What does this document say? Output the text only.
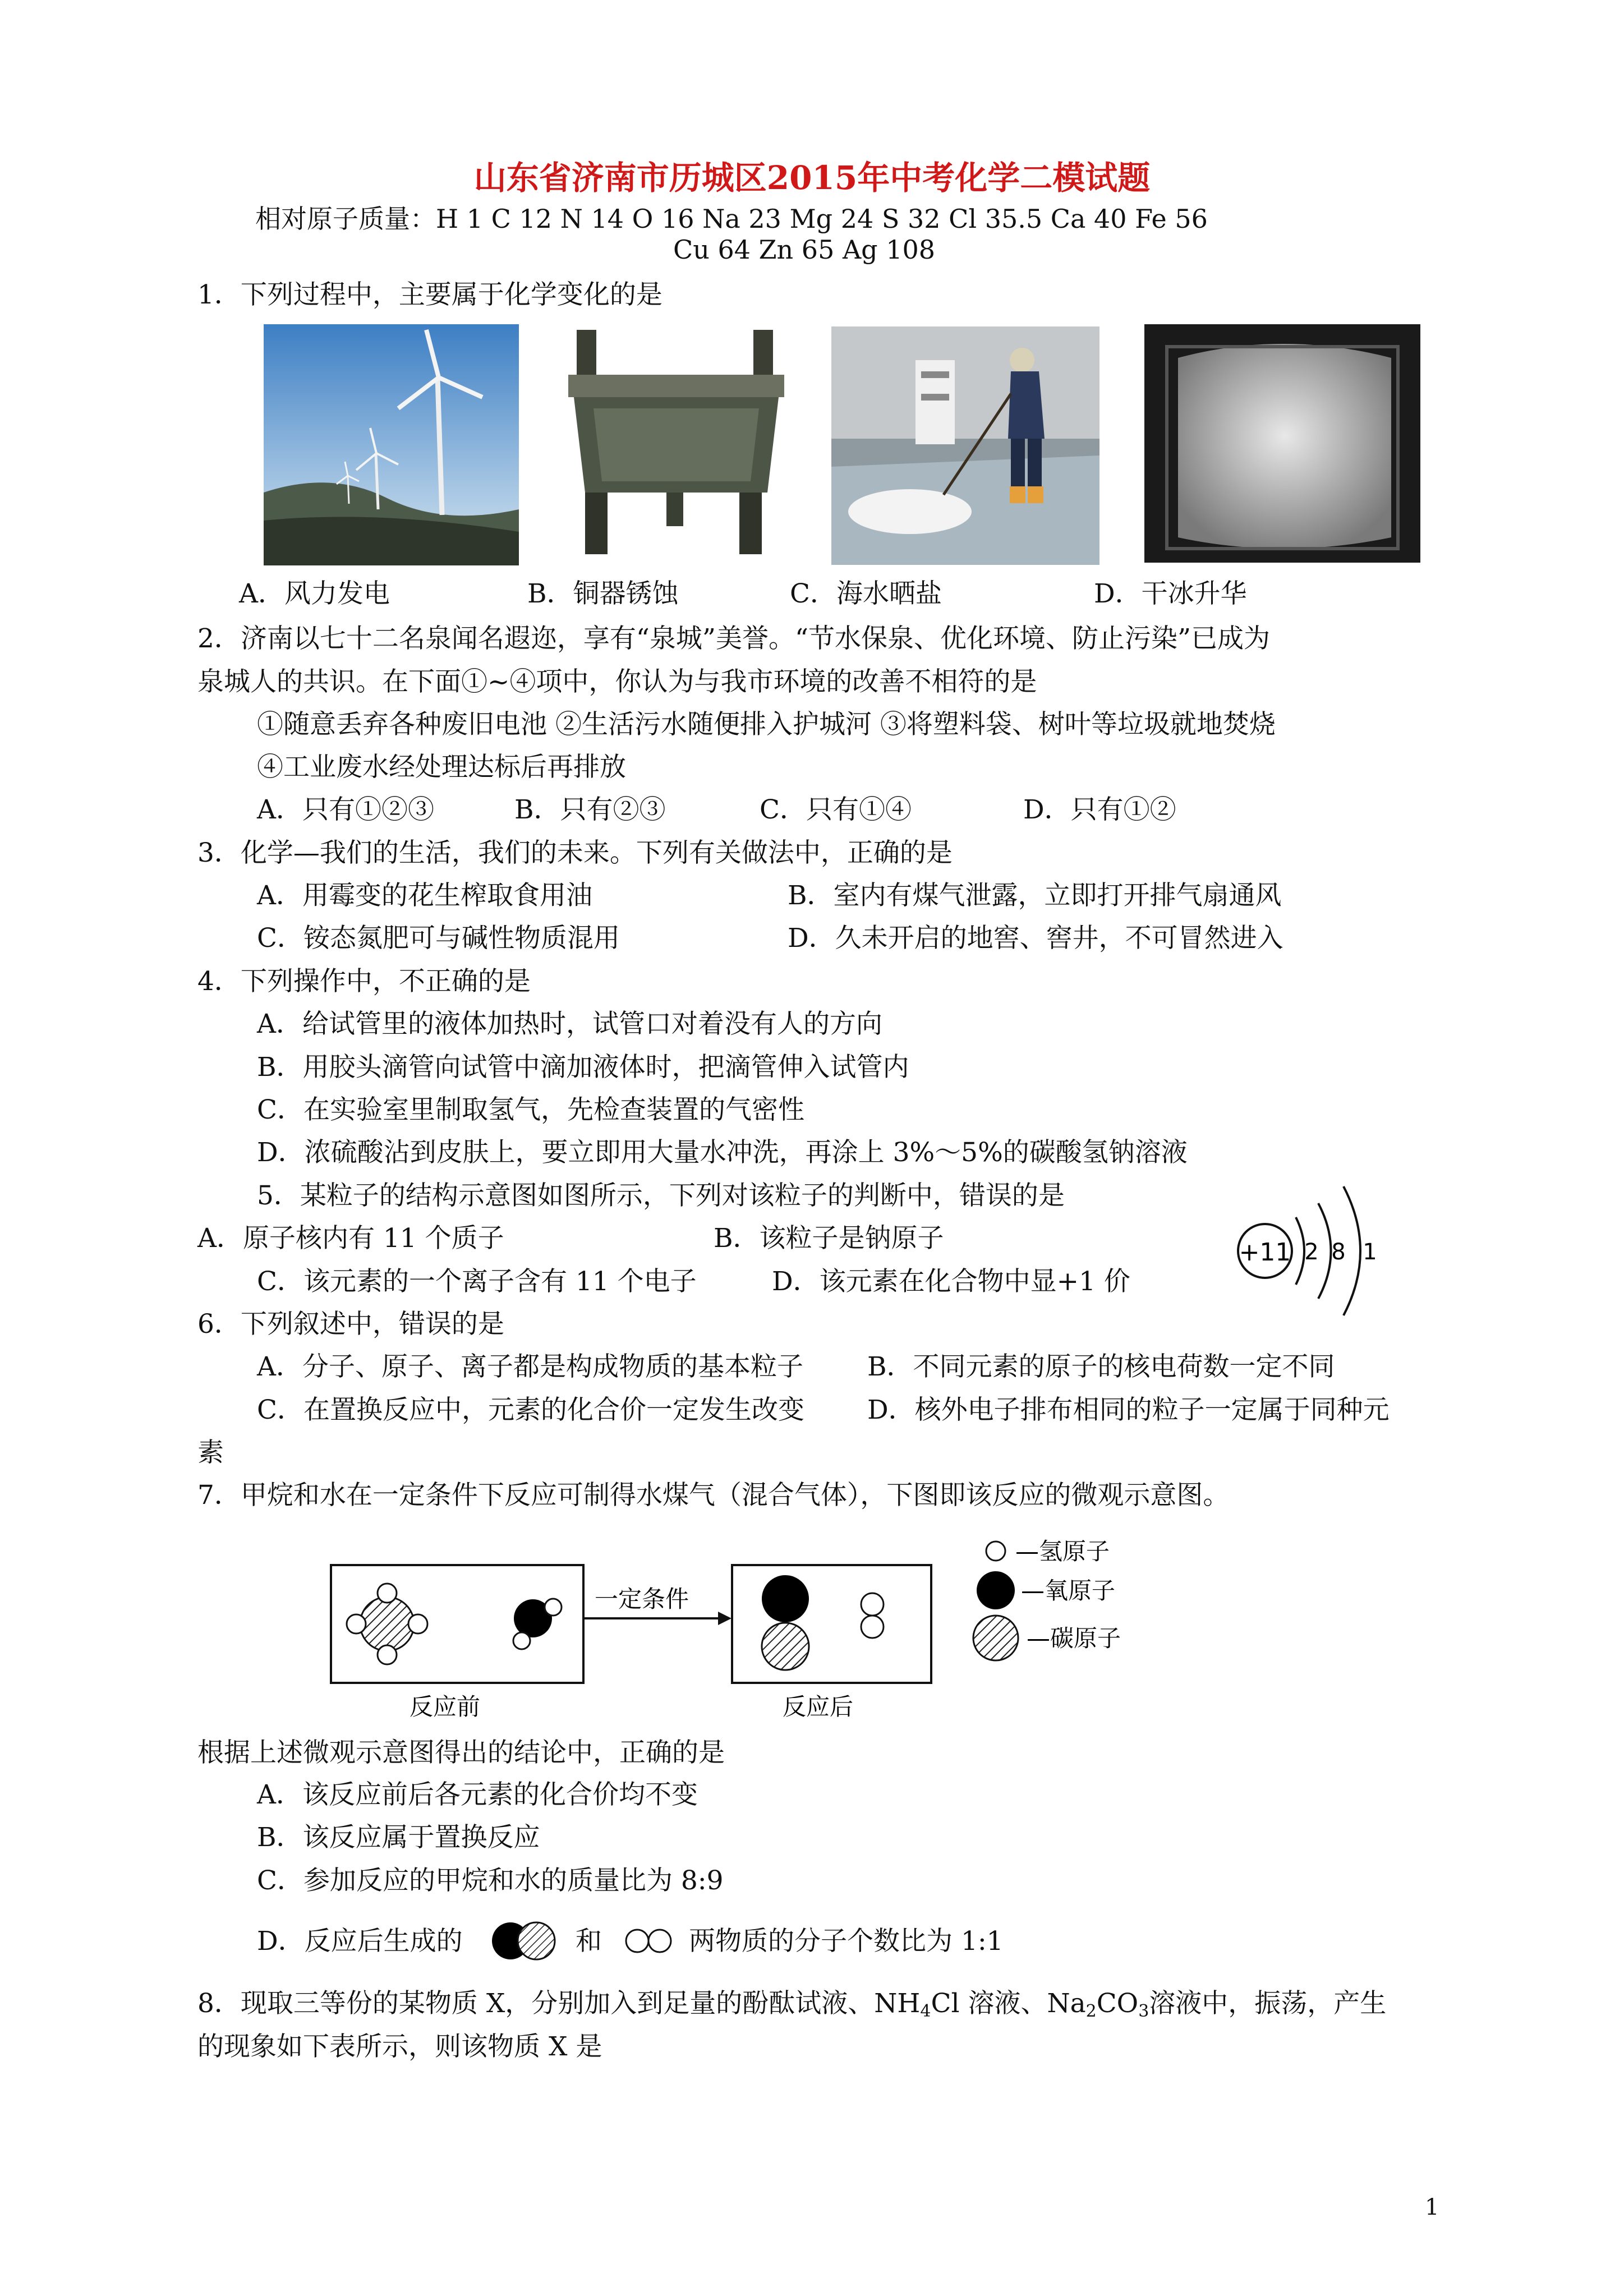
山东省济南市历城区2015年中考化学二模试题
相对原子质量：H 1 C 12 N 14 O 16 Na 23 Mg 24 S 32 Cl 35.5 Ca 40 Fe 56
Cu 64 Zn 65 Ag 108
1．下列过程中，主要属于化学变化的是
A．风力发电	B．铜器锈蚀	C．海水晒盐	D．干冰升华
2．济南以七十二名泉闻名遐迩，享有“泉城”美誉。“节水保泉、优化环境、防止污染”已成为
泉城人的共识。在下面①~④项中，你认为与我市环境的改善不相符的是
①随意丢弃各种废旧电池 ②生活污水随便排入护城河 ③将塑料袋、树叶等垃圾就地焚烧
④工业废水经处理达标后再排放
A．只有①②③	B．只有②③	C．只有①④	D．只有①②
3．化学—我们的生活，我们的未来。下列有关做法中，正确的是
A．用霉变的花生榨取食用油	B．室内有煤气泄露，立即打开排气扇通风
C．铵态氮肥可与碱性物质混用	D．久未开启的地窖、窖井，不可冒然进入
4．下列操作中，不正确的是
A．给试管里的液体加热时，试管口对着没有人的方向
B．用胶头滴管向试管中滴加液体时，把滴管伸入试管内
C．在实验室里制取氢气，先检查装置的气密性
D．浓硫酸沾到皮肤上，要立即用大量水冲洗，再涂上 3%～5%的碳酸氢钠溶液
5．某粒子的结构示意图如图所示，下列对该粒子的判断中，错误的是
A．原子核内有 11 个质子	B．该粒子是钠原子
C．该元素的一个离子含有 11 个电子	D．该元素在化合物中显+1 价
+11 2 8 1
6．下列叙述中，错误的是
A．分子、原子、离子都是构成物质的基本粒子 B．不同元素的原子的核电荷数一定不同
C．在置换反应中，元素的化合价一定发生改变 D．核外电子排布相同的粒子一定属于同种元
素
7．甲烷和水在一定条件下反应可制得水煤气（混合气体），下图即该反应的微观示意图。
一定条件
反应前	反应后
—氢原子
—氧原子
—碳原子
根据上述微观示意图得出的结论中，正确的是
A．该反应前后各元素的化合价均不变
B．该反应属于置换反应
C．参加反应的甲烷和水的质量比为 8:9
D．反应后生成的	和	两物质的分子个数比为 1:1
8．现取三等份的某物质 X，分别加入到足量的酚酞试液、$NH_4Cl$ 溶液、$Na_2CO_3$溶液中，振荡，产生
的现象如下表所示，则该物质 X 是
1
